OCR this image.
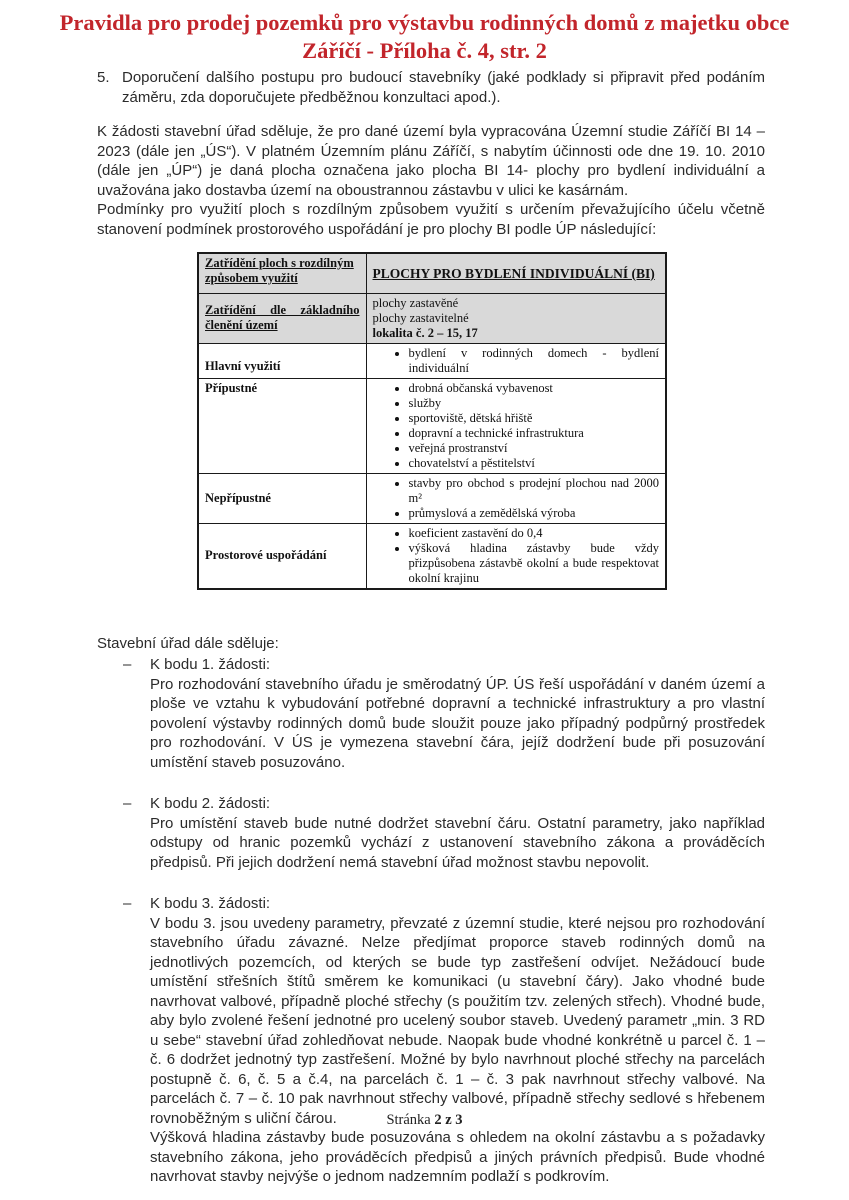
Pravidla pro prodej pozemků pro výstavbu rodinných domů z majetku obce
Záříčí - Příloha č. 4, str. 2
5. Doporučení dalšího postupu pro budoucí stavebníky (jaké podklady si připravit před podáním záměru, zda doporučujete předběžnou konzultaci apod.).

K žádosti stavební úřad sděluje, že pro dané území byla vypracována Územní studie Záříčí BI 14 – 2023 (dále jen „ÚS“). V platném Územním plánu Záříčí, s nabytím účinnosti ode dne 19. 10. 2010 (dále jen „ÚP“) je daná plocha označena jako plocha BI 14- plochy pro bydlení individuální a uvažována jako dostavba území na oboustrannou zástavbu v ulici ke kasárnám.

Podmínky pro využití ploch s rozdílným způsobem využití s určením převažujícího účelu včetně stanovení podmínek prostorového uspořádání je pro plochy BI podle ÚP následující:

Zatřídění ploch s rozdílným způsobem využití	PLOCHY PRO BYDLENÍ INDIVIDUÁLNÍ (BI)
Zatřídění dle základního členění území	plochy zastavěné
plochy zastavitelné
lokalita č. 2 – 15, 17

Hlavní využití	
• bydlení v rodinných domech - bydlení individuální

Přípustné	
•drobná občanská vybavenost
• služby
• sportoviště, dětská hřiště
• dopravní a technické infrastruktura
• veřejná prostranství
• chovatelství a pěstitelství

Nepřípustné	
• stavby pro obchod s prodejní plochou nad 2000 m²
• průmyslová a zemědělská výroba

Prostorové uspořádání	
• koeficient zastavění do 0,4
• výšková hladina zástavby bude vždy přizpůsobena zástavbě okolní a bude respektovat okolní krajinu
Stavební úřad dále sděluje:
–	K bodu 1. žádosti:

Pro rozhodování stavebního úřadu je směrodatný ÚP. ÚS řeší uspořádání v daném území a ploše ve vztahu k vybudování potřebné dopravní a technické infrastruktury a pro vlastní povolení výstavby rodinných domů bude sloužit pouze jako případný podpůrný prostředek pro rozhodování. V ÚS je vymezena stavební čára, jejíž dodržení bude při posuzování umístění staveb posuzováno.

–	K bodu 2. žádosti:

Pro umístění staveb bude nutné dodržet stavební čáru. Ostatní parametry, jako například odstupy od hranic pozemků vychází z ustanovení stavebního zákona a prováděcích předpisů. Při jejich dodržení nemá stavební úřad možnost stavbu nepovolit.

–	K bodu 3. žádosti:

V bodu 3. jsou uvedeny parametry, převzaté z územní studie, které nejsou pro rozhodování stavebního úřadu závazné. Nelze předjímat proporce staveb rodinných domů na jednotlivých pozemcích, od kterých se bude typ zastřešení odvíjet. Nežádoucí bude umístění střešních štítů směrem ke komunikaci (u stavební čáry). Jako vhodné bude navrhovat valbové, případně ploché střechy (s použitím tzv. zelených střech). Vhodné bude, aby bylo zvolené řešení jednotné pro ucelený soubor staveb. Uvedený parametr „min. 3 RD u sebe“ stavební úřad zohledňovat nebude. Naopak bude vhodné konkrétně u parcel č. 1 – č. 6 dodržet jednotný typ zastřešení. Možné by bylo navrhnout ploché střechy na parcelách postupně č. 6, č. 5 a č.4, na parcelách č. 1 – č. 3 pak navrhnout střechy valbové. Na parcelách č. 7 – č. 10 pak navrhnout střechy valbové, případně střechy sedlové s hřebenem rovnoběžným s uliční čárou.

Výšková hladina zástavby bude posuzována s ohledem na okolní zástavbu a s požadavky stavebního zákona, jeho prováděcích předpisů a jiných právních předpisů. Bude vhodné navrhovat stavby nejvýše o jednom nadzemním podlaží s podkrovím.

Stránka 2 z 3
